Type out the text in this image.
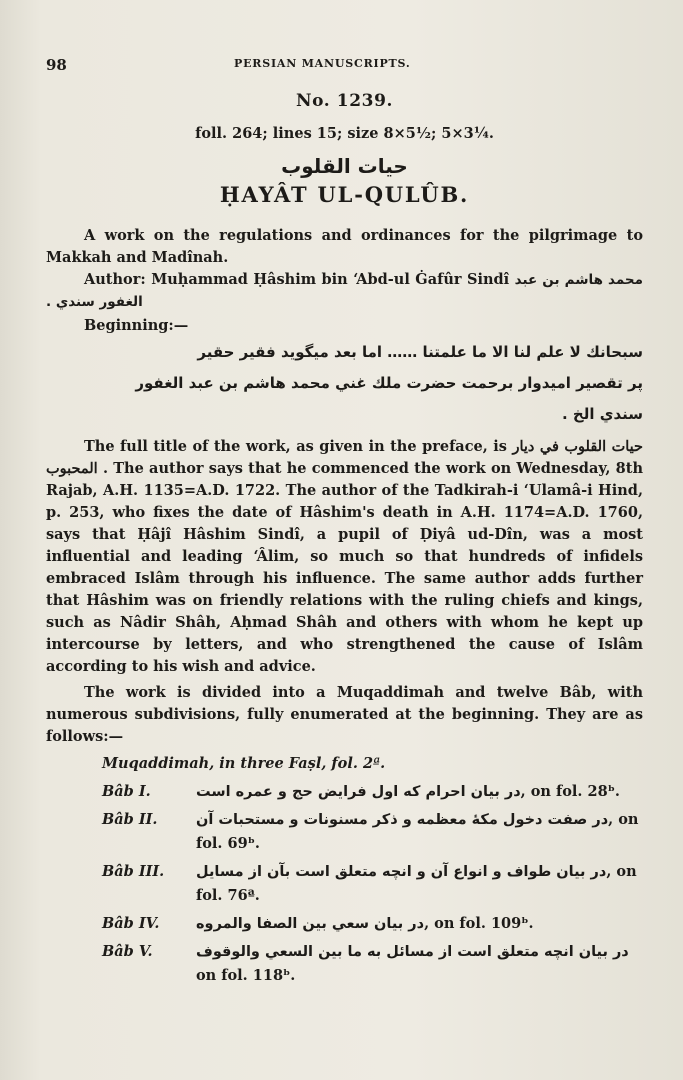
98	PERSIAN MANUSCRIPTS.
No. 1239.
foll. 264; lines 15; size 8×5½; 5×3¼.
حيات القلوب
ḤAYÂT UL-QULÛB.

A work on the regulations and ordinances for the pilgrimage to Makkah and Madînah.

Author: Muḥammad Ḥâshim bin ʻAbd-ul Ġafûr Sindî محمد هاشم بن عبد الغفور سندي .

Beginning:—

سبحانك لا علم لنا الا ما علمتنا …… اما بعد ميگويد فقير حقير

پر تقصير اميدوار برحمت حضرت ملك غني محمد هاشم بن عبد الغفور

سندي الخ .

The full title of the work, as given in the preface, is حيات القلوب في ديار المحبوب . The author says that he commenced the work on Wednesday, 8th Rajab, A.H. 1135=A.D. 1722. The author of the Tadkirah-i ʻUlamâ-i Hind, p. 253, who fixes the date of Hâshim's death in A.H. 1174=A.D. 1760, says that Ḥâjî Hâshim Sindî, a pupil of Ḍiyâ ud-Dîn, was a most influential and leading ʻÂlim, so much so that hundreds of infidels embraced Islâm through his influence. The same author adds further that Hâshim was on friendly relations with the ruling chiefs and kings, such as Nâdir Shâh, Aḥmad Shâh and others with whom he kept up intercourse by letters, and who strengthened the cause of Islâm according to his wish and advice.

The work is divided into a Muqaddimah and twelve Bâb, with numerous subdivisions, fully enumerated at the beginning. They are as follows:—

Muqaddimah, in three Faṣl, fol. 2ª.
Bâb I.	در بيان احرام كه اول فرايض حج و عمره است, on fol. 28ᵇ.
Bâb II.	در صفت دخول مكهٔ معظمه و ذكر مسنونات و مستحبات آن, on fol. 69ᵇ.
Bâb III.	در بيان طواف و انواع آن و انچه متعلق است بآن از مسايل, on fol. 76ª.
Bâb IV.	در بيان سعي بين الصفا والمروه, on fol. 109ᵇ.
Bâb V.	در بيان انچه متعلق است از مسائل به ما بين السعي والوقوف on fol. 118ᵇ.
